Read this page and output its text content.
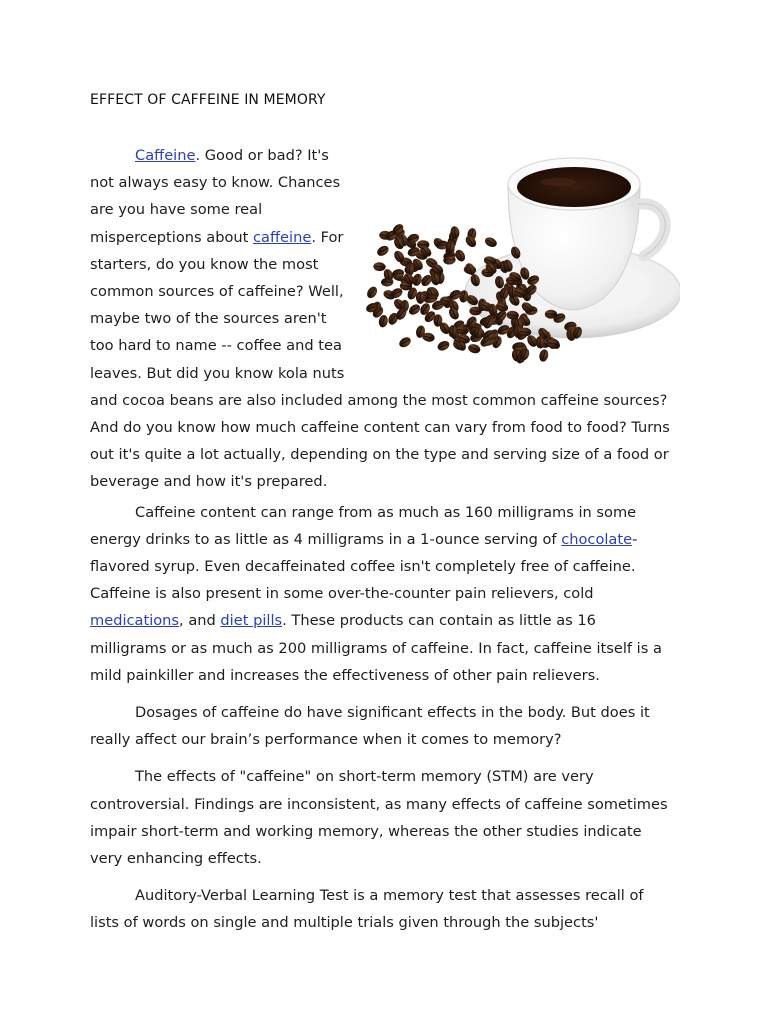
EFFECT OF CAFFEINE IN MEMORY

Caffeine. Good or bad? It's not always easy to know. Chances are you have some real misperceptions about caffeine. For starters, do you know the most common sources of caffeine? Well, maybe two of the sources aren't too hard to name -- coffee and tea leaves. But did you know kola nuts and cocoa beans are also included among the most common caffeine sources? And do you know how much caffeine content can vary from food to food? Turns out it's quite a lot actually, depending on the type and serving size of a food or beverage and how it's prepared.

Caffeine content can range from as much as 160 milligrams in some energy drinks to as little as 4 milligrams in a 1-ounce serving of chocolate-flavored syrup. Even decaffeinated coffee isn't completely free of caffeine. Caffeine is also present in some over-the-counter pain relievers, cold medications, and diet pills. These products can contain as little as 16 milligrams or as much as 200 milligrams of caffeine. In fact, caffeine itself is a mild painkiller and increases the effectiveness of other pain relievers.

Dosages of caffeine do have significant effects in the body. But does it really affect our brain’s performance when it comes to memory?

The effects of "caffeine" on short-term memory (STM) are very controversial. Findings are inconsistent, as many effects of caffeine sometimes impair short-term and working memory, whereas the other studies indicate very enhancing effects.

Auditory-Verbal Learning Test is a memory test that assesses recall of lists of words on single and multiple trials given through the subjects'
